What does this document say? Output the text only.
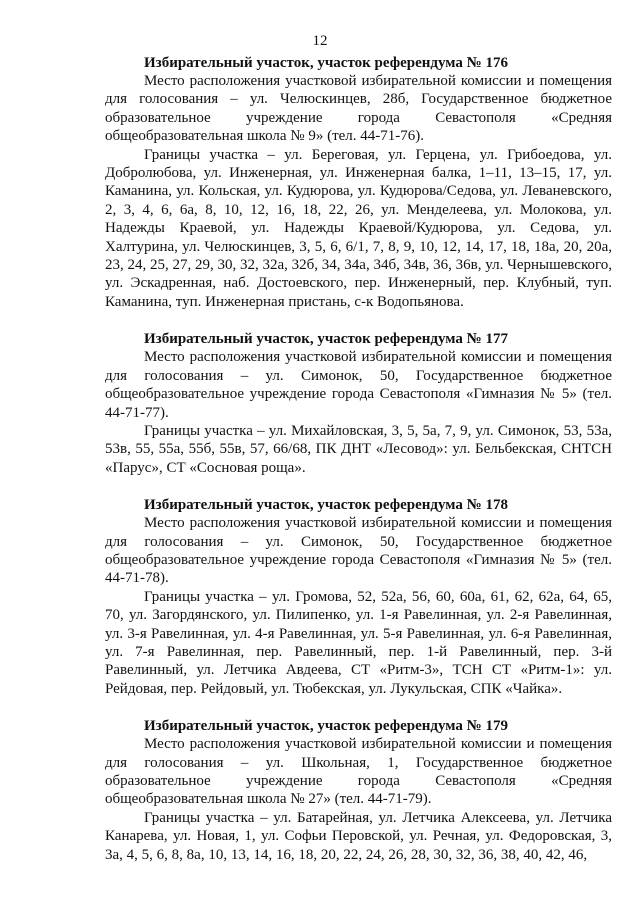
12

Избирательный участок, участок референдума № 176

Место расположения участковой избирательной комиссии и помещения для голосования – ул. Челюскинцев, 28б, Государственное бюджетное образовательное учреждение города Севастополя «Средняя общеобразовательная школа № 9» (тел. 44-71-76).

Границы участка – ул. Береговая, ул. Герцена, ул. Грибоедова, ул. Добролюбова, ул. Инженерная, ул. Инженерная балка, 1–11, 13–15, 17, ул. Каманина, ул. Кольская, ул. Кудюрова, ул. Кудюрова/Седова, ул. Леваневского, 2, 3, 4, 6, 6а, 8, 10, 12, 16, 18, 22, 26, ул. Менделеева, ул. Молокова, ул. Надежды Краевой, ул. Надежды Краевой/Кудюрова, ул. Седова, ул. Халтурина, ул. Челюскинцев, 3, 5, 6, 6/1, 7, 8, 9, 10, 12, 14, 17, 18, 18а, 20, 20а, 23, 24, 25, 27, 29, 30, 32, 32а, 32б, 34, 34а, 34б, 34в, 36, 36в, ул. Чернышевского, ул. Эскадренная, наб. Достоевского, пер. Инженерный, пер. Клубный, туп. Каманина, туп. Инженерная пристань, с-к Водопьянова.

Избирательный участок, участок референдума № 177

Место расположения участковой избирательной комиссии и помещения для голосования – ул. Симонок, 50, Государственное бюджетное общеобразовательное учреждение города Севастополя «Гимназия № 5» (тел. 44-71-77).

Границы участка – ул. Михайловская, 3, 5, 5а, 7, 9, ул. Симонок, 53, 53а, 53в, 55, 55а, 55б, 55в, 57, 66/68, ПК ДНТ «Лесовод»: ул. Бельбекская, СНТСН «Парус», СТ «Сосновая роща».

Избирательный участок, участок референдума № 178

Место расположения участковой избирательной комиссии и помещения для голосования – ул. Симонок, 50, Государственное бюджетное общеобразовательное учреждение города Севастополя «Гимназия № 5» (тел. 44-71-78).

Границы участка – ул. Громова, 52, 52а, 56, 60, 60а, 61, 62, 62а, 64, 65, 70, ул. Загордянского, ул. Пилипенко, ул. 1-я Равелинная, ул. 2-я Равелинная, ул. 3-я Равелинная, ул. 4-я Равелинная, ул. 5-я Равелинная, ул. 6-я Равелинная, ул. 7-я Равелинная, пер. Равелинный, пер. 1-й Равелинный, пер. 3-й Равелинный, ул. Летчика Авдеева, СТ «Ритм-3», ТСН СТ «Ритм-1»: ул. Рейдовая, пер. Рейдовый, ул. Тюбекская, ул. Лукульская, СПК «Чайка».

Избирательный участок, участок референдума № 179

Место расположения участковой избирательной комиссии и помещения для голосования – ул. Школьная, 1, Государственное бюджетное образовательное учреждение города Севастополя «Средняя общеобразовательная школа № 27» (тел. 44-71-79).

Границы участка – ул. Батарейная, ул. Летчика Алексеева, ул. Летчика Канарева, ул. Новая, 1, ул. Софьи Перовской, ул. Речная, ул. Федоровская, 3, 3а, 4, 5, 6, 8, 8а, 10, 13, 14, 16, 18, 20, 22, 24, 26, 28, 30, 32, 36, 38, 40, 42, 46,
